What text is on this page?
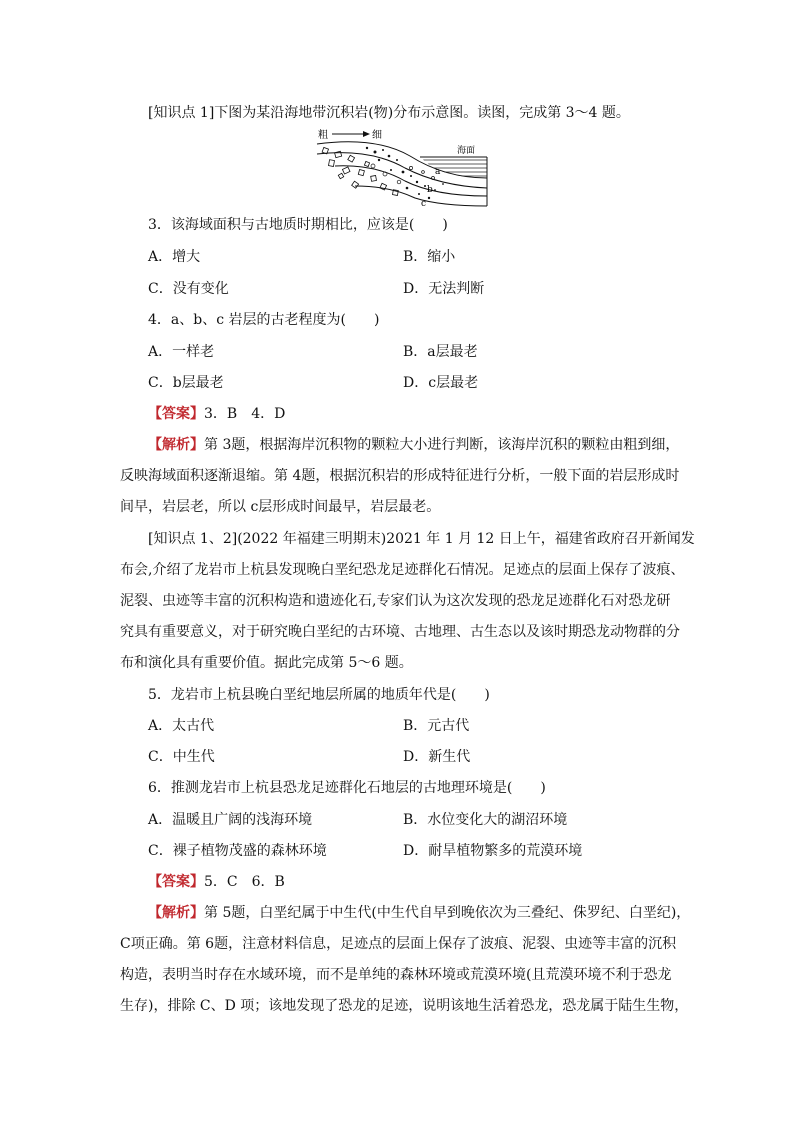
[知识点 1]下图为某沿海地带沉积岩(物)分布示意图。读图，完成第 3～4 题。
粗	细
海面
a
b
c
3．该海域面积与古地质时期相比，应该是(　　)
A．增大	B．缩小
C．没有变化	D．无法判断
4．a、b、c 岩层的古老程度为(　　)
A．一样老	B．a层最老
C．b层最老	D．c层最老
【答案】3．B　4．D
【解析】第 3题，根据海岸沉积物的颗粒大小进行判断，该海岸沉积的颗粒由粗到细，
反映海域面积逐渐退缩。第 4题，根据沉积岩的形成特征进行分析，一般下面的岩层形成时
间早，岩层老，所以 c层形成时间最早，岩层最老。
[知识点 1、2](2022 年福建三明期末)2021 年 1 月 12 日上午，福建省政府召开新闻发
布会,介绍了龙岩市上杭县发现晚白垩纪恐龙足迹群化石情况。足迹点的层面上保存了波痕、
泥裂、虫迹等丰富的沉积构造和遗迹化石,专家们认为这次发现的恐龙足迹群化石对恐龙研
究具有重要意义，对于研究晚白垩纪的古环境、古地理、古生态以及该时期恐龙动物群的分
布和演化具有重要价值。据此完成第 5～6 题。
5．龙岩市上杭县晚白垩纪地层所属的地质年代是(　　)
A．太古代	B．元古代
C．中生代	D．新生代
6．推测龙岩市上杭县恐龙足迹群化石地层的古地理环境是(　　)
A．温暖且广阔的浅海环境	B．水位变化大的湖沼环境
C．裸子植物茂盛的森林环境	D．耐旱植物繁多的荒漠环境
【答案】5．C　6．B
【解析】第 5题，白垩纪属于中生代(中生代自早到晚依次为三叠纪、侏罗纪、白垩纪)，
C项正确。第 6题，注意材料信息，足迹点的层面上保存了波痕、泥裂、虫迹等丰富的沉积
构造，表明当时存在水域环境，而不是单纯的森林环境或荒漠环境(且荒漠环境不利于恐龙
生存)，排除 C、D 项；该地发现了恐龙的足迹，说明该地生活着恐龙，恐龙属于陆生生物，
